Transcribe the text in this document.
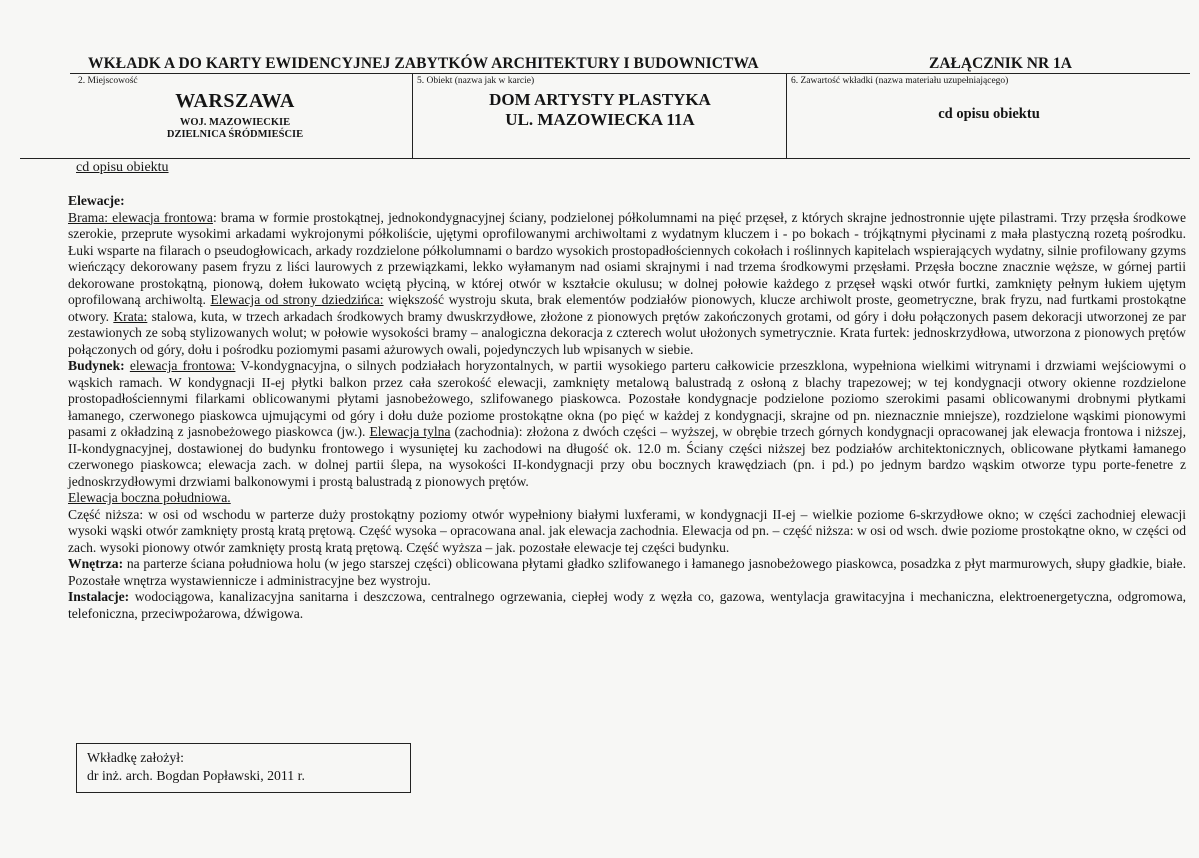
WKŁADK A DO KARTY EWIDENCYJNEJ ZABYTKÓW ARCHITEKTURY I BUDOWNICTWA	ZAŁĄCZNIK NR 1A
2. Miejscowość
WARSZAWA
WOJ. MAZOWIECKIE
DZIELNICA ŚRÓDMIEŚCIE
5. Obiekt (nazwa jak w karcie)
DOM ARTYSTY PLASTYKA
UL. MAZOWIECKA 11A
6. Zawartość wkładki (nazwa materiału uzupełniającego)
cd opisu obiektu
cd opisu obiektu

Elewacje:

Brama: elewacja frontowa: brama w formie prostokątnej, jednokondygnacyjnej ściany, podzielonej półkolumnami na pięć przęseł, z których skrajne jednostronnie ujęte pilastrami. Trzy przęsła środkowe szerokie, przeprute wysokimi arkadami wykrojonymi półkoliście, ujętymi oprofilowanymi archiwoltami z wydatnym kluczem i - po bokach - trójkątnymi płycinami z mała plastyczną rozetą pośrodku. Łuki wsparte na filarach o pseudogłowicach, arkady rozdzielone półkolumnami o bardzo wysokich prostopadłościennych cokołach i roślinnych kapitelach wspierających wydatny, silnie profilowany gzyms wieńczący dekorowany pasem fryzu z liści laurowych z przewiązkami, lekko wyłamanym nad osiami skrajnymi i nad trzema środkowymi przęsłami. Przęsła boczne znacznie węższe, w górnej partii dekorowane prostokątną, pionową, dołem łukowato wciętą płyciną, w której otwór w kształcie okulusu; w dolnej połowie każdego z przęseł wąski otwór furtki, zamknięty pełnym łukiem ujętym oprofilowaną archiwoltą. Elewacja od strony dziedzińca: większość wystroju skuta, brak elementów podziałów pionowych, klucze archiwolt proste, geometryczne, brak fryzu, nad furtkami prostokątne otwory. Krata: stalowa, kuta, w trzech arkadach środkowych bramy dwuskrzydłowe, złożone z pionowych prętów zakończonych grotami, od góry i dołu połączonych pasem dekoracji utworzonej ze par zestawionych ze sobą stylizowanych wolut; w połowie wysokości bramy – analogiczna dekoracja z czterech wolut ułożonych symetrycznie. Krata furtek: jednoskrzydłowa, utworzona z pionowych prętów połączonych od góry, dołu i pośrodku poziomymi pasami ażurowych owali, pojedynczych lub wpisanych w siebie.

Budynek: elewacja frontowa: V-kondygnacyjna, o silnych podziałach horyzontalnych, w partii wysokiego parteru całkowicie przeszklona, wypełniona wielkimi witrynami i drzwiami wejściowymi o wąskich ramach. W kondygnacji II-ej płytki balkon przez cała szerokość elewacji, zamknięty metalową balustradą z osłoną z blachy trapezowej; w tej kondygnacji otwory okienne rozdzielone prostopadłościennymi filarkami oblicowanymi płytami jasnobeżowego, szlifowanego piaskowca. Pozostałe kondygnacje podzielone poziomo szerokimi pasami oblicowanymi drobnymi płytkami łamanego, czerwonego piaskowca ujmującymi od góry i dołu duże poziome prostokątne okna (po pięć w każdej z kondygnacji, skrajne od pn. nieznacznie mniejsze), rozdzielone wąskimi pionowymi pasami z okładziną z jasnobeżowego piaskowca (jw.). Elewacja tylna (zachodnia): złożona z dwóch części – wyższej, w obrębie trzech górnych kondygnacji opracowanej jak elewacja frontowa i niższej, II-kondygnacyjnej, dostawionej do budynku frontowego i wysuniętej ku zachodowi na długość ok. 12.0 m. Ściany części niższej bez podziałów architektonicznych, oblicowane płytkami łamanego czerwonego piaskowca; elewacja zach. w dolnej partii ślepa, na wysokości II-kondygnacji przy obu bocznych krawędziach (pn. i pd.) po jednym bardzo wąskim otworze typu porte-fenetre z jednoskrzydłowymi drzwiami balkonowymi i prostą balustradą z pionowych prętów.

Elewacja boczna południowa.

Część niższa: w osi od wschodu w parterze duży prostokątny poziomy otwór wypełniony białymi luxferami, w kondygnacji II-ej – wielkie poziome 6-skrzydłowe okno; w części zachodniej elewacji wysoki wąski otwór zamknięty prostą kratą prętową. Część wysoka – opracowana anal. jak elewacja zachodnia. Elewacja od pn. – część niższa: w osi od wsch. dwie poziome prostokątne okno, w części od zach. wysoki pionowy otwór zamknięty prostą kratą prętową. Część wyższa – jak. pozostałe elewacje tej części budynku.

Wnętrza: na parterze ściana południowa holu (w jego starszej części) oblicowana płytami gładko szlifowanego i łamanego jasnobeżowego piaskowca, posadzka z płyt marmurowych, słupy gładkie, białe. Pozostałe wnętrza wystawiennicze i administracyjne bez wystroju.

Instalacje: wodociągowa, kanalizacyjna sanitarna i deszczowa, centralnego ogrzewania, ciepłej wody z węzła co, gazowa, wentylacja grawitacyjna i mechaniczna, elektroenergetyczna, odgromowa, telefoniczna, przeciwpożarowa, dźwigowa.

Wkładkę założył:
dr inż. arch. Bogdan Popławski, 2011 r.
